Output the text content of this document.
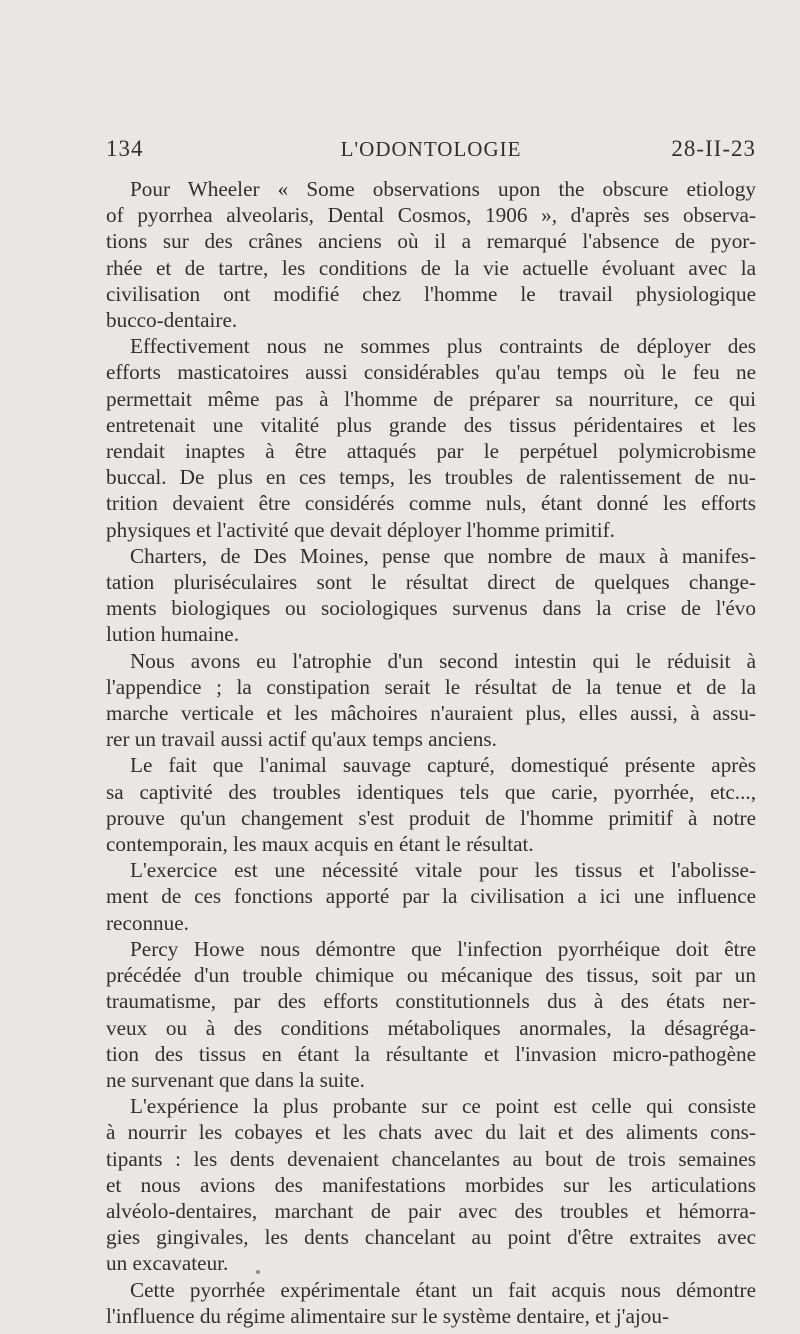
134	L'ODONTOLOGIE	28-II-23
Pour Wheeler « Some observations upon the obscure etiology
of pyorrhea alveolaris, Dental Cosmos, 1906 », d'après ses observa-
tions sur des crânes anciens où il a remarqué l'absence de pyor-
rhée et de tartre, les conditions de la vie actuelle évoluant avec la
civilisation ont modifié chez l'homme le travail physiologique
bucco-dentaire.
Effectivement nous ne sommes plus contraints de déployer des
efforts masticatoires aussi considérables qu'au temps où le feu ne
permettait même pas à l'homme de préparer sa nourriture, ce qui
entretenait une vitalité plus grande des tissus péridentaires et les
rendait inaptes à être attaqués par le perpétuel polymicrobisme
buccal. De plus en ces temps, les troubles de ralentissement de nu-
trition devaient être considérés comme nuls, étant donné les efforts
physiques et l'activité que devait déployer l'homme primitif.
Charters, de Des Moines, pense que nombre de maux à manifes-
tation pluriséculaires sont le résultat direct de quelques change-
ments biologiques ou sociologiques survenus dans la crise de l'évo
lution humaine.
Nous avons eu l'atrophie d'un second intestin qui le réduisit à
l'appendice ; la constipation serait le résultat de la tenue et de la
marche verticale et les mâchoires n'auraient plus, elles aussi, à assu-
rer un travail aussi actif qu'aux temps anciens.
Le fait que l'animal sauvage capturé, domestiqué présente après
sa captivité des troubles identiques tels que carie, pyorrhée, etc...,
prouve qu'un changement s'est produit de l'homme primitif à notre
contemporain, les maux acquis en étant le résultat.
L'exercice est une nécessité vitale pour les tissus et l'abolisse-
ment de ces fonctions apporté par la civilisation a ici une influence
reconnue.
Percy Howe nous démontre que l'infection pyorrhéique doit être
précédée d'un trouble chimique ou mécanique des tissus, soit par un
traumatisme, par des efforts constitutionnels dus à des états ner-
veux ou à des conditions métaboliques anormales, la désagréga-
tion des tissus en étant la résultante et l'invasion micro-pathogène
ne survenant que dans la suite.
L'expérience la plus probante sur ce point est celle qui consiste
à nourrir les cobayes et les chats avec du lait et des aliments cons-
tipants : les dents devenaient chancelantes au bout de trois semaines
et nous avions des manifestations morbides sur les articulations
alvéolo-dentaires, marchant de pair avec des troubles et hémorra-
gies gingivales, les dents chancelant au point d'être extraites avec
un excavateur.
Cette pyorrhée expérimentale étant un fait acquis nous démontre
l'influence du régime alimentaire sur le système dentaire, et j'ajou-
